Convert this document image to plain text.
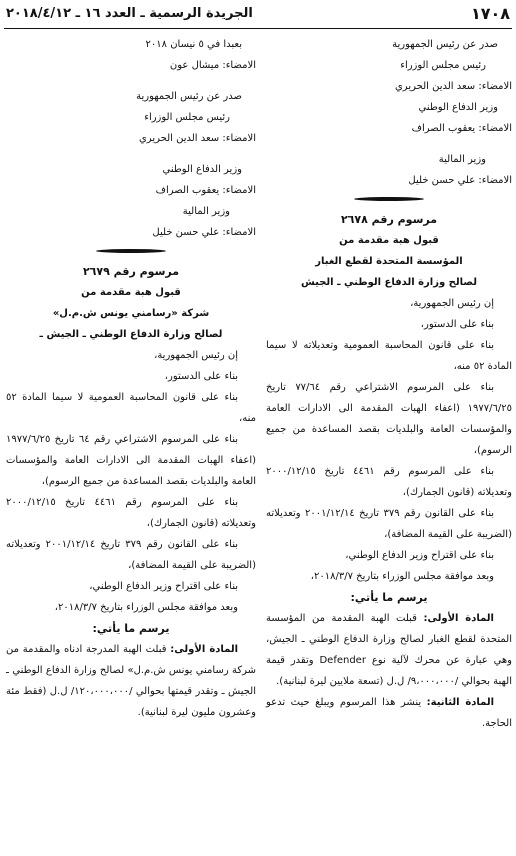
الجريدة الرسمية ـ العدد ١٦ ـ ٢٠١٨/٤/١٢	١٧٠٨

صدر عن رئيس الجمهورية

رئيس مجلس الوزراء

الامضاء: سعد الدين الحريري

وزير الدفاع الوطني

الامضاء: يعقوب الصراف

وزير المالية

الامضاء: علي حسن خليل

مرسوم رقم ٢٦٧٨

قبول هبة مقدمة من

المؤسسة المتحدة لقطع الغبار

لصالح وزارة الدفاع الوطني ـ الجيش

إن رئيس الجمهورية،

بناء على الدستور،

بناء على قانون المحاسبة العمومية وتعديلاته لا سيما المادة ٥٢ منه،

بناء على المرسوم الاشتراعي رقم ٧٧/٦٤ تاريخ ١٩٧٧/٦/٢٥ (اعفاء الهبات المقدمة الى الادارات العامة والمؤسسات العامة والبلديات بقصد المساعدة من جميع الرسوم)،

بناء على المرسوم رقم ٤٤٦١ تاريخ ٢٠٠٠/١٢/١٥ وتعديلاته (قانون الجمارك)،

بناء على القانون رقم ٣٧٩ تاريخ ٢٠٠١/١٢/١٤ وتعديلاته (الضريبة على القيمة المضافة)،

بناء على اقتراح وزير الدفاع الوطني،

وبعد موافقة مجلس الوزراء بتاريخ ٢٠١٨/٣/٧،

يرسم ما يأتي:

المادة الأولى: قبلت الهبة المقدمة من المؤسسة المتحدة لقطع الغبار لصالح وزارة الدفاع الوطني ـ الجيش، وهي عبارة عن محرك لآلية نوع Defender وتقدر قيمة الهبة بحوالي /٩،٠٠٠،٠٠٠/ ل.ل (تسعة ملايين ليرة لبنانية).

المادة الثانية: ينشر هذا المرسوم ويبلغ حيث تدعو الحاجة.

بعبدا في ٥ نيسان ٢٠١٨

الامضاء: ميشال عون

صدر عن رئيس الجمهورية

رئيس مجلس الوزراء

الامضاء: سعد الدين الحريري

وزير الدفاع الوطني

الامضاء: يعقوب الصراف

وزير المالية

الامضاء: علي حسن خليل

مرسوم رقم ٢٦٧٩

قبول هبة مقدمة من

شركة «رسامني يونس ش.م.ل»

لصالح وزارة الدفاع الوطني ـ الجيش ـ

إن رئيس الجمهورية،

بناء على الدستور،

بناء على قانون المحاسبة العمومية لا سيما المادة ٥٢ منه،

بناء على المرسوم الاشتراعي رقم ٦٤ تاريخ ١٩٧٧/٦/٢٥ (اعفاء الهبات المقدمة الى الادارات العامة والمؤسسات العامة والبلديات بقصد المساعدة من جميع الرسوم)،

بناء على المرسوم رقم ٤٤٦١ تاريخ ٢٠٠٠/١٢/١٥ وتعديلاته (قانون الجمارك)،

بناء على القانون رقم ٣٧٩ تاريخ ٢٠٠١/١٢/١٤ وتعديلاته (الضريبة على القيمة المضافة)،

بناء على اقتراح وزير الدفاع الوطني،

وبعد موافقة مجلس الوزراء بتاريخ ٢٠١٨/٣/٧،

يرسم ما يأتي:

المادة الأولى: قبلت الهبة المدرجة ادناه والمقدمة من شركة رسامني يونس ش.م.ل» لصالح وزارة الدفاع الوطني ـ الجيش ـ وتقدر قيمتها بحوالي /١٢٠،٠٠٠،٠٠٠/ ل.ل (فقط مئة وعشرون مليون ليرة لبنانية).
